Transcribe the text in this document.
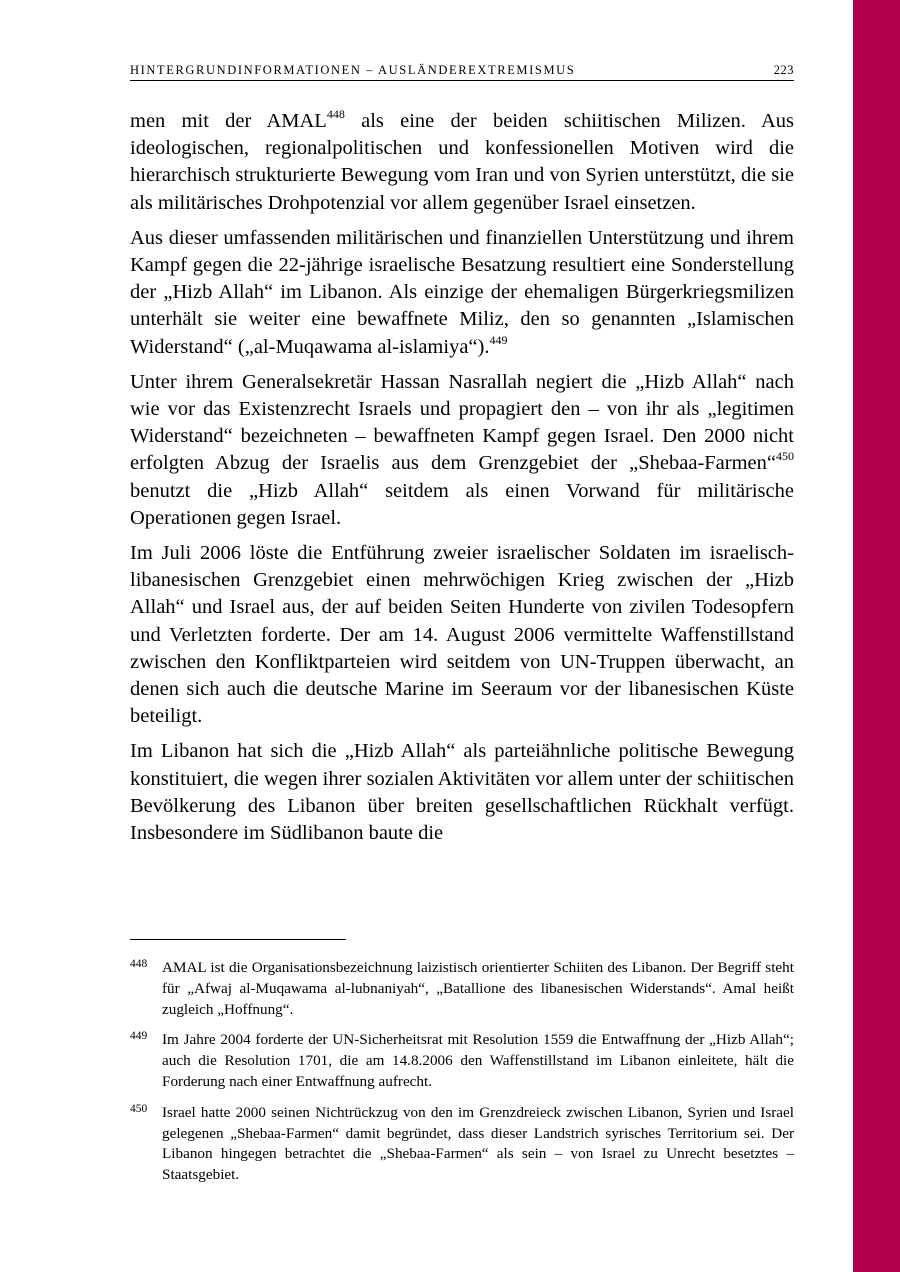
HINTERGRUNDINFORMATIONEN – AUSLÄNDEREXTREMISMUS	223

men mit der AMAL$^{448}$ als eine der beiden schiitischen Milizen. Aus ideologischen, regionalpolitischen und konfessionellen Motiven wird die hierarchisch strukturierte Bewegung vom Iran und von Syrien unterstützt, die sie als militärisches Drohpotenzial vor allem gegenüber Israel einsetzen.

Aus dieser umfassenden militärischen und finanziellen Unterstützung und ihrem Kampf gegen die 22-jährige israelische Besatzung resultiert eine Sonderstellung der „Hizb Allah“ im Libanon. Als einzige der ehemaligen Bürgerkriegsmilizen unterhält sie weiter eine bewaffnete Miliz, den so genannten „Islamischen Widerstand“ („al-Muqawama al-islamiya“).$^{449}$

Unter ihrem Generalsekretär Hassan Nasrallah negiert die „Hizb Allah“ nach wie vor das Existenzrecht Israels und propagiert den – von ihr als „legitimen Widerstand“ bezeichneten – bewaffneten Kampf gegen Israel. Den 2000 nicht erfolgten Abzug der Israelis aus dem Grenzgebiet der „Shebaa-Farmen“$^{450}$ benutzt die „Hizb Allah“ seitdem als einen Vorwand für militärische Operationen gegen Israel.

Im Juli 2006 löste die Entführung zweier israelischer Soldaten im israelisch-libanesischen Grenzgebiet einen mehrwöchigen Krieg zwischen der „Hizb Allah“ und Israel aus, der auf beiden Seiten Hunderte von zivilen Todesopfern und Verletzten forderte. Der am 14. August 2006 vermittelte Waffenstillstand zwischen den Konfliktparteien wird seitdem von UN-Truppen überwacht, an denen sich auch die deutsche Marine im Seeraum vor der libanesischen Küste beteiligt.

Im Libanon hat sich die „Hizb Allah“ als parteiähnliche politische Bewegung konstituiert, die wegen ihrer sozialen Aktivitäten vor allem unter der schiitischen Bevölkerung des Libanon über breiten gesellschaftlichen Rückhalt verfügt. Insbesondere im Südlibanon baute die

448 AMAL ist die Organisationsbezeichnung laizistisch orientierter Schiiten des Libanon. Der Begriff steht für „Afwaj al-Muqawama al-lubnaniyah“, „Batallione des libanesischen Widerstands“. Amal heißt zugleich „Hoffnung“.
449 Im Jahre 2004 forderte der UN-Sicherheitsrat mit Resolution 1559 die Entwaffnung der „Hizb Allah“; auch die Resolution 1701, die am 14.8.2006 den Waffenstillstand im Libanon einleitete, hält die Forderung nach einer Entwaffnung aufrecht.
450 Israel hatte 2000 seinen Nichtrückzug von den im Grenzdreieck zwischen Libanon, Syrien und Israel gelegenen „Shebaa-Farmen“ damit begründet, dass dieser Landstrich syrisches Territorium sei. Der Libanon hingegen betrachtet die „Shebaa-Farmen“ als sein – von Israel zu Unrecht besetztes – Staatsgebiet.
